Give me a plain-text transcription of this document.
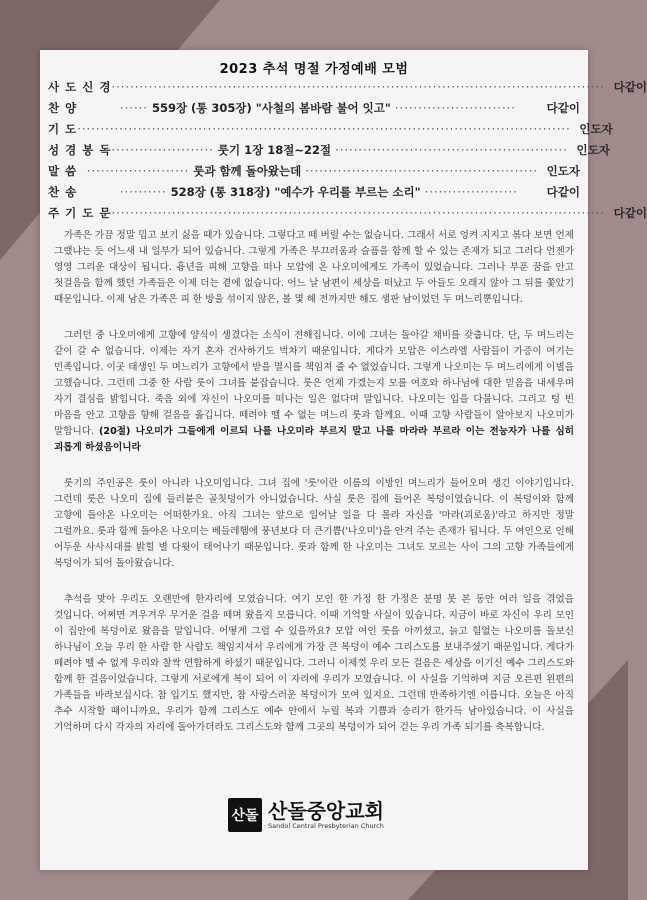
2023 추석 명절 가정예배 모범
사 도 신 경 ·········································································································· 다같이
찬 양	······ 559장 (통 305장) "사철의 봄바람 불어 잇고" ··························	다같이
기 도 ·········································································································· 인도자
성 경 봉 독 ······················ 룻기 1장 18절~22절 ·················································· 인도자
말 씀 ······················ 룻과 함께 돌아왔는데 ·················································· 인도자
찬 송	·········· 528장 (통 318장) "예수가 우리를 부르는 소리" ····················	다같이
주 기 도 문 ·········································································································· 다같이

가족은 가끔 정말 밉고 보기 싫을 때가 있습니다. 그렇다고 떼 버릴 수는 없습니다. 그래서 서로 엉켜 지지고 볶다 보면 언제 그랬냐는 듯 어느새 내 일부가 되어 있습니다. 그렇게 가족은 부끄러움과 슬픔을 함께 할 수 있는 존재가 되고 그러다 언젠가 영영 그리운 대상이 됩니다. 흉년을 피해 고향을 떠나 모압에 온 나오미에게도 가족이 있었습니다. 그러나 부푼 꿈을 안고 첫걸음을 함께 했던 가족들은 이제 더는 곁에 없습니다. 어느 날 남편이 세상을 떠났고 두 아들도 오래지 않아 그 뒤를 쫓았기 때문입니다. 이제 남은 가족은 피 한 방울 섞이지 않은, 볼 몇 해 전까지만 해도 생판 남이었던 두 며느리뿐입니다.

그러던 중 나오미에게 고향에 양식이 생겼다는 소식이 전해집니다. 이에 그녀는 돌아갈 채비를 갖춥니다. 단, 두 며느리는 같이 갈 수 없습니다. 이제는 자기 혼자 건사하기도 벅차기 때문입니다. 게다가 모압은 이스라엘 사람들이 가증이 여기는 민족입니다. 이곳 태생인 두 며느리가 고향에서 받을 멸시를 책임져 줄 수 없었습니다. 그렇게 나오미는 두 며느리에게 이별을 고했습니다. 그런데 그중 한 사람 룻이 그녀를 붙잡습니다. 룻은 언제 가겠는지 모를 여호와 하나님에 대한 믿음을 내세우며 자기 결심을 밝힙니다. 죽음 외에 자신이 나오미를 떠나는 일은 없다며 말입니다. 나오미는 입을 다뭅니다. 그리고 텅 빈 마음을 안고 고향을 향해 걸음을 옮깁니다. 떼려야 뗄 수 없는 며느리 룻과 함께요. 이때 고향 사람들이 알아보지 나오미가 말합니다. (20절) 나오미가 그들에게 이르되 나를 나오미라 부르지 말고 나를 마라라 부르라 이는 전능자가 나를 심히 괴롭게 하셨음이니라

룻기의 주인공은 룻이 아니라 나오미입니다. 그녀 집에 '룻'이란 이름의 이방인 며느리가 들어오며 생긴 이야기입니다. 그런데 룻은 나오미 집에 들러붙은 골칫덩이가 아니었습니다. 사실 룻은 집에 들어온 복덩이였습니다. 이 복덩이와 함께 고향에 돌아온 나오미는 어떠한가요. 아직 그녀는 앞으로 일어날 일을 다 몰라 자신을 '마라(괴로움)'라고 하지만 정말 그럴까요. 룻과 함께 돌아온 나오미는 베들레헴에 풍년보다 더 큰기쁨('나오미')을 안겨 주는 존재가 됩니다. 두 여인으로 인해 어두운 사사시대를 밝힐 별 다윗이 태어나기 때문입니다. 룻과 함께 한 나오미는 그녀도 모르는 사이 그의 고향 가족들에게 복덩이가 되어 돌아왔습니다.

추석을 맞아 우리도 오랜만에 한자리에 모였습니다. 여기 모인 한 가정 한 가정은 분명 못 본 동안 여러 일을 겪었을 것입니다. 어쩌면 겨우겨우 무거운 걸음 떼며 왔을지 모릅니다. 이때 기억할 사실이 있습니다. 지금이 바로 자신이 우리 모인 이 집안에 복덩이로 왔음을 말입니다. 어떻게 그럴 수 있을까요? 모압 여인 룻을 아끼셨고, 늙고 힘없는 나오미를 돌보신 하나님이 오늘 우리 한 사람 한 사람도 책임지셔서 우리에게 가장 큰 복덩이 예수 그리스도를 보내주셨기 때문입니다. 게다가 떼려야 뗄 수 없게 우리와 찰싹 연합하게 하셨기 때문입니다. 그러니 이제껏 우리 모든 걸음은 세상을 이기신 예수 그리스도와 함께 한 걸음이었습니다. 그렇게 서로에게 복이 되어 이 자리에 우리가 모였습니다. 이 사실을 기억하며 지금 오른편 왼편의 가족들을 바라보십시다. 참 입기도 했지만, 참 사랑스러운 복덩이가 모여 있지요. 그런데 만족하기엔 이릅니다. 오늘은 아직 추수 시작할 때이니까요. 우리가 함께 그리스도 예수 안에서 누릴 복과 기쁨과 승리가 한가득 남아있습니다. 이 사실을 기억하며 다시 각자의 자리에 돌아가더라도 그리스도와 함께 그곳의 복덩이가 되어 걷는 우리 가족 되기를 축복합니다.

산돌 산돌중앙교회
Sandol Central Presbyterian Church
